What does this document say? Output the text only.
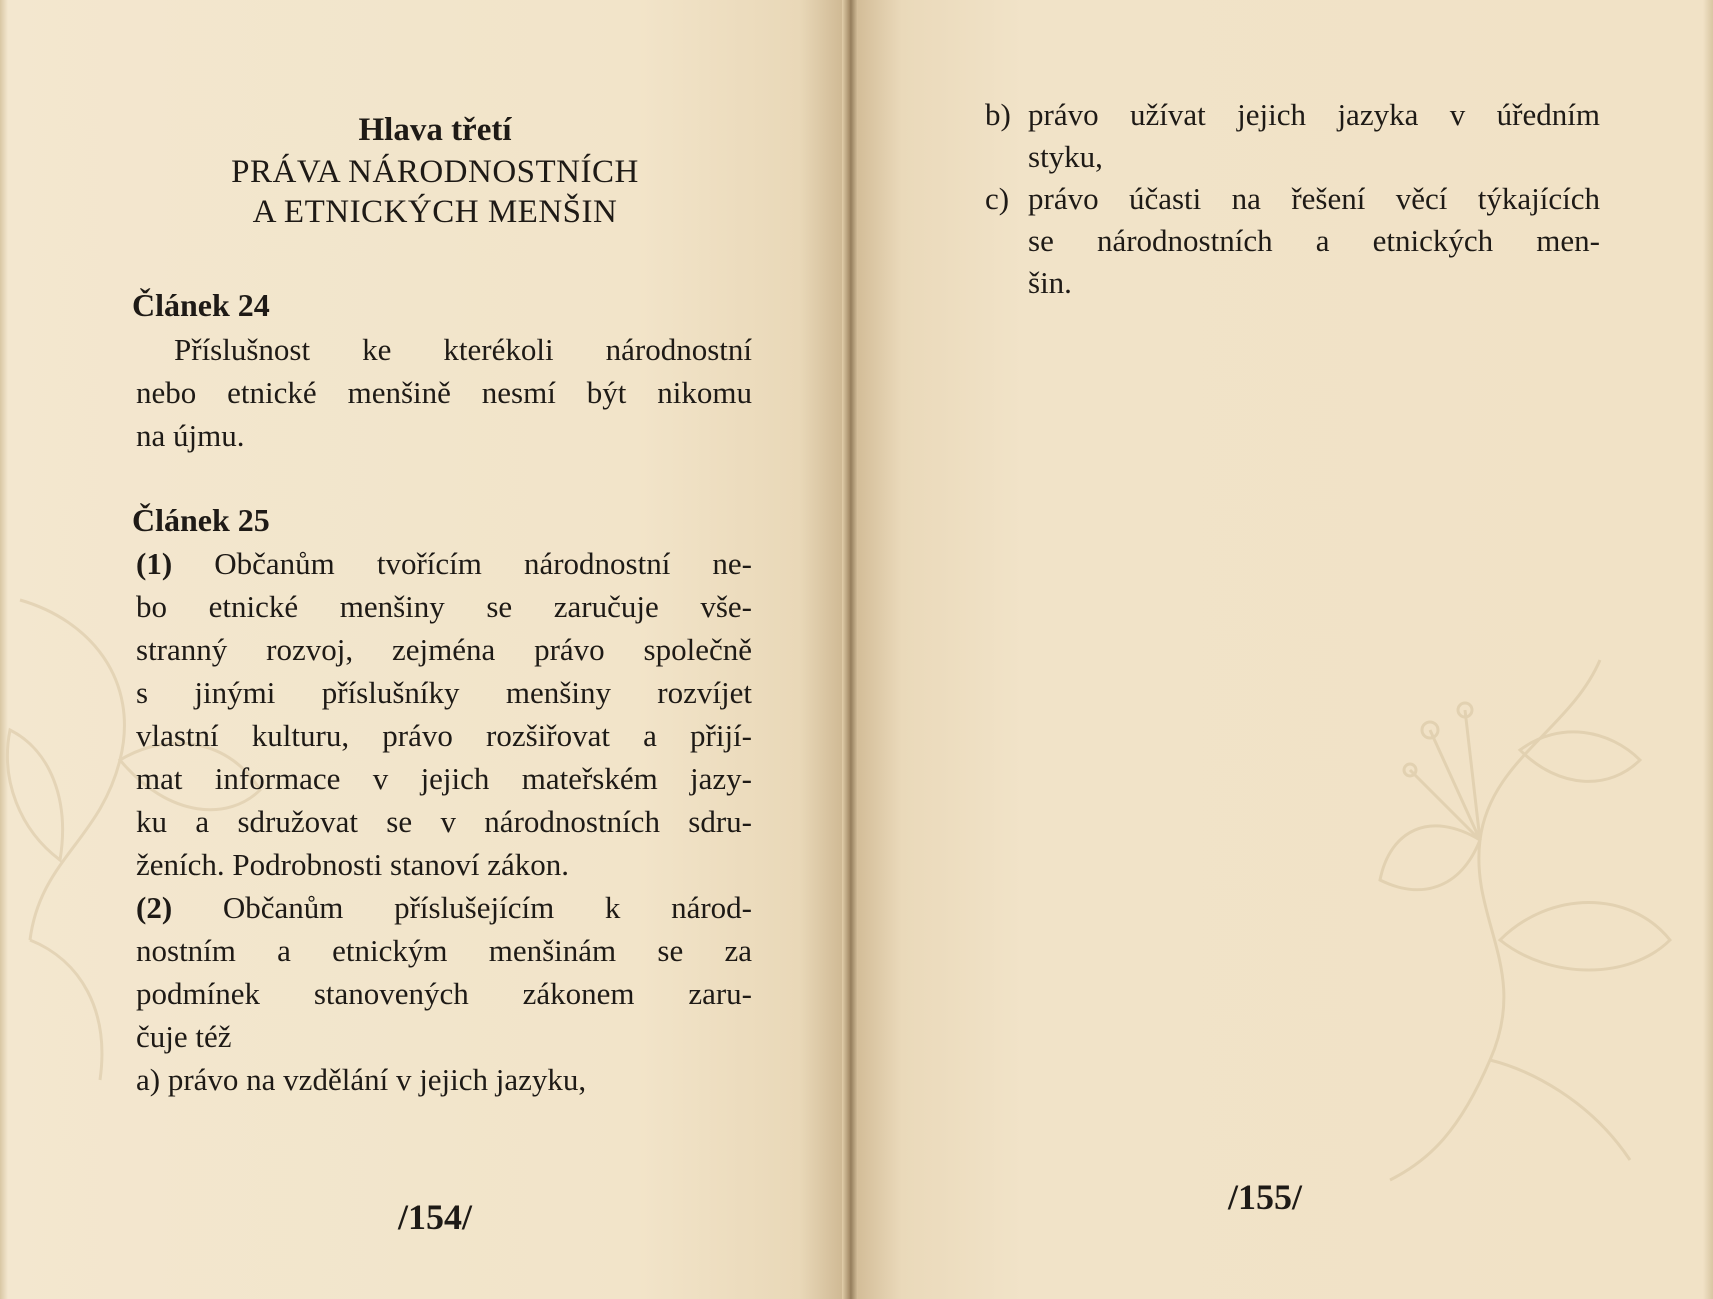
Hlava třetí
PRÁVA NÁRODNOSTNÍCH
A ETNICKÝCH MENŠIN
Článek 24
Příslušnost ke kterékoli národnostní
nebo etnické menšině nesmí být nikomu
na újmu.
Článek 25
(1) Občanům tvořícím národnostní ne-
bo etnické menšiny se zaručuje vše-
stranný rozvoj, zejména právo společně
s jinými příslušníky menšiny rozvíjet
vlastní kulturu, právo rozšiřovat a přijí-
mat informace v jejich mateřském jazy-
ku a sdružovat se v národnostních sdru-
ženích. Podrobnosti stanoví zákon.
(2) Občanům příslušejícím k národ-
nostním a etnickým menšinám se za
podmínek stanovených zákonem zaru-
čuje též
a) právo na vzdělání v jejich jazyku,
/154/
b) právo užívat jejich jazyka v úředním
styku,
c) právo účasti na řešení věcí týkajících
se národnostních a etnických men-
šin.
/155/
